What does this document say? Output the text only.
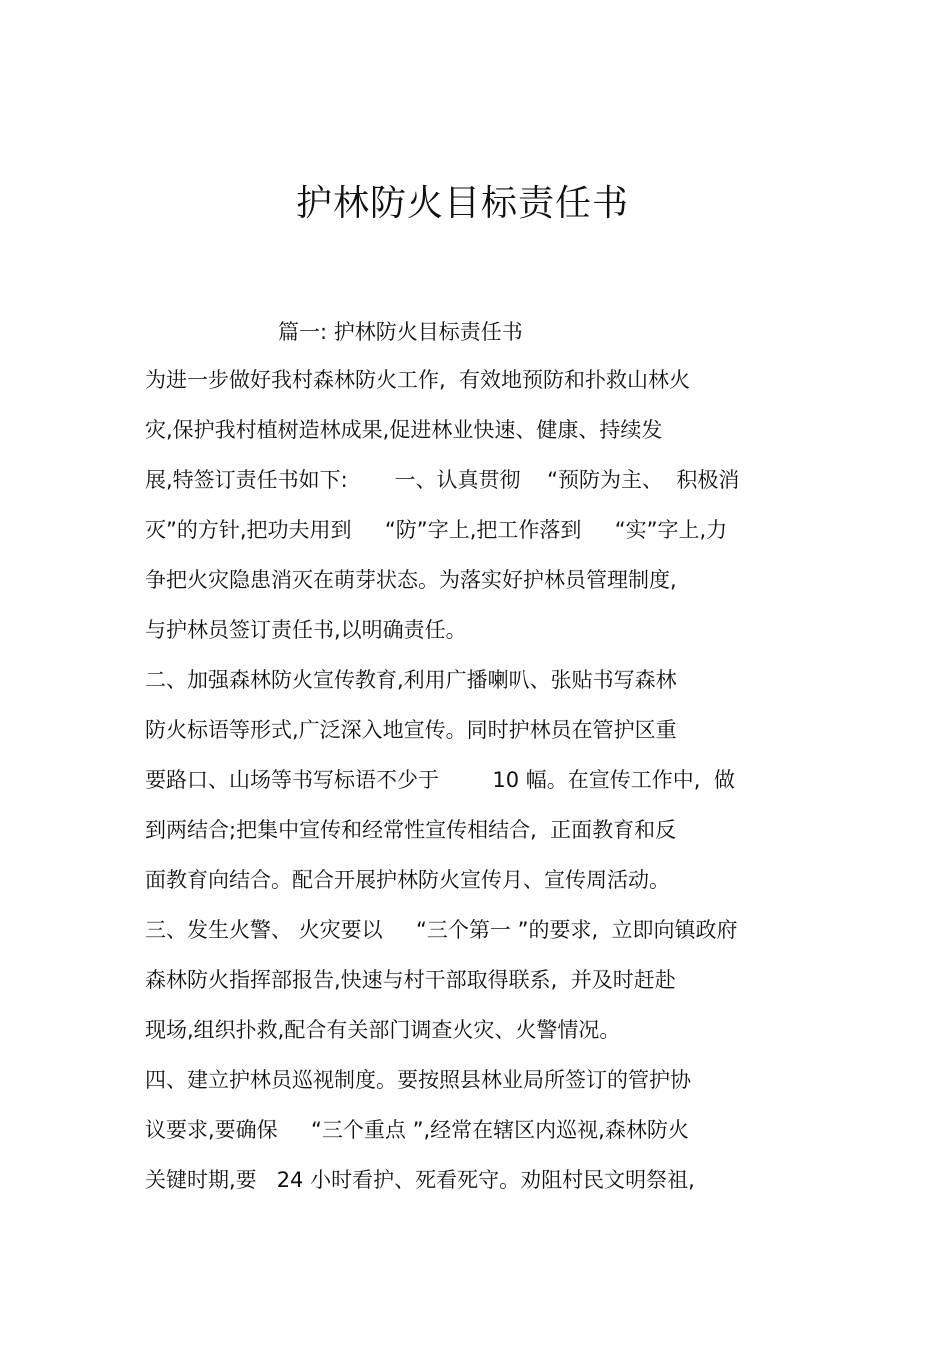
护林防火目标责任书
篇一: 护林防火目标责任书
为进一步做好我村森林防火工作,  有效地预防和扑救山林火
灾,保护我村植树造林成果,促进林业快速、健康、持续发
展,特签订责任书如下:       一、认真贯彻    “预防为主、  积极消
灭”的方针,把功夫用到     “防”字上,把工作落到     “实”字上,力
争把火灾隐患消灭在萌芽状态。为落实好护林员管理制度,
与护林员签订责任书,以明确责任。
二、加强森林防火宣传教育,利用广播喇叭、张贴书写森林
防火标语等形式,广泛深入地宣传。同时护林员在管护区重
要路口、山场等书写标语不少于        10 幅。在宣传工作中,  做
到两结合;把集中宣传和经常性宣传相结合,  正面教育和反
面教育向结合。配合开展护林防火宣传月、宣传周活动。
三、发生火警、 火灾要以     “三个第一 ”的要求,  立即向镇政府
森林防火指挥部报告,快速与村干部取得联系,  并及时赶赴
现场,组织扑救,配合有关部门调查火灾、火警情况。
四、建立护林员巡视制度。要按照县林业局所签订的管护协
议要求,要确保     “三个重点 ”,经常在辖区内巡视,森林防火
关键时期,要   24 小时看护、死看死守。劝阻村民文明祭祖,
